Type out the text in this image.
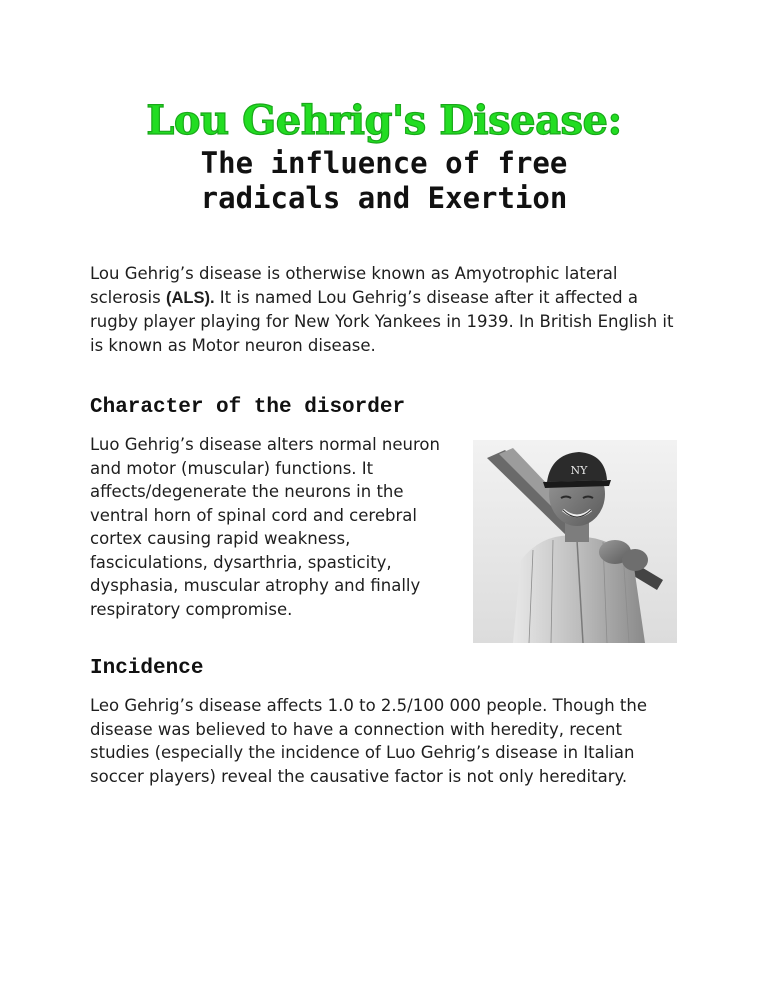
Lou Gehrig's Disease:
The influence of free
radicals and Exertion
Lou Gehrig’s disease is otherwise known as Amyotrophic lateral
sclerosis (ALS). It is named Lou Gehrig’s disease after it affected a
rugby player playing for New York Yankees in 1939. In British English it
is known as Motor neuron disease.
Character of the disorder
Luo Gehrig’s disease alters normal neuron
and motor (muscular) functions. It
affects/degenerate the neurons in the
ventral horn of spinal cord and cerebral
cortex causing rapid weakness,
fasciculations, dysarthria, spasticity,
dysphasia, muscular atrophy and finally
respiratory compromise.
NY
Incidence
Leo Gehrig’s disease affects 1.0 to 2.5/100 000 people. Though the
disease was believed to have a connection with heredity, recent
studies (especially the incidence of Luo Gehrig’s disease in Italian
soccer players) reveal the causative factor is not only hereditary.
